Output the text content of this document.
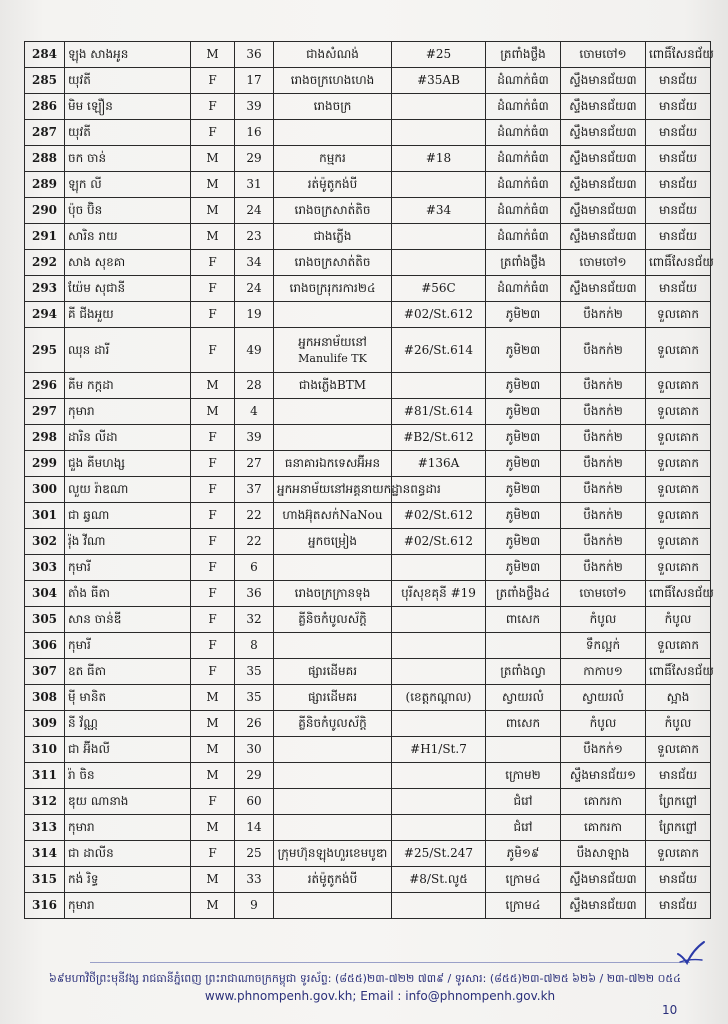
284	ឡុង សាងអូន	M	36	ជាងសំណង់	#25	ត្រពាំងថ្លឹង	ចោមចៅ១	ពោធិ៍សែនជ័យ
285	យុវតី	F	17	រោងចក្រហេងហេង	#35AB	ដំណាក់ធំ៣	ស្ទឹងមានជ័យ៣	មានជ័យ
286	មិម ឡឿន	F	39	រោងចក្រ		ដំណាក់ធំ៣	ស្ទឹងមានជ័យ៣	មានជ័យ
287	យុវតី	F	16			ដំណាក់ធំ៣	ស្ទឹងមានជ័យ៣	មានជ័យ
288	ចក ចាន់	M	29	កម្មករ	#18	ដំណាក់ធំ៣	ស្ទឹងមានជ័យ៣	មានជ័យ
289	ឡុក លី	M	31	រត់ម៉ូតូកង់បី		ដំណាក់ធំ៣	ស្ទឹងមានជ័យ៣	មានជ័យ
290	ប៉ុច ប៊ិន	M	24	រោងចក្រសាត់តិច	#34	ដំណាក់ធំ៣	ស្ទឹងមានជ័យ៣	មានជ័យ
291	សារិន រាយ	M	23	ជាងភ្លើង		ដំណាក់ធំ៣	ស្ទឹងមានជ័យ៣	មានជ័យ
292	សាង សុខគា	F	34	រោងចក្រសាត់តិច		ត្រពាំងថ្លឹង	ចោមចៅ១	ពោធិ៍សែនជ័យ
293	យ៉ែម សុជានី	F	24	រោងចក្ររុករការ២៤	#56C	ដំណាក់ធំ៣	ស្ទឹងមានជ័យ៣	មានជ័យ
294	គី ជីងអួយ	F	19		#02/St.612	ភូមិ២៣	បឹងកក់២	ទួលគោក
295	ឈុន ដារី	F	49	អ្នកអនាម័យនៅ
Manulife TK	#26/St.614	ភូមិ២៣	បឹងកក់២	ទួលគោក
296	គីម កក្កដា	M	28	ជាងភ្លើងBTM		ភូមិ២៣	បឹងកក់២	ទួលគោក
297	កុមារា	M	4		#81/St.614	ភូមិ២៣	បឹងកក់២	ទួលគោក
298	ដារិន លីដា	F	39		#B2/St.612	ភូមិ២៣	បឹងកក់២	ទួលគោក
299	ជួង គីមហង្ស	F	27	ធនាគារឯកទេសអ៊ីអន	#136A	ភូមិ២៣	បឹងកក់២	ទួលគោក
300	លួយ រ៉ាឌណា	F	37	អ្នកអនាម័យនៅអគ្គនាយកដ្ឋានពន្ធដារ		ភូមិ២៣	បឹងកក់២	ទួលគោក
301	ជា ឆ្វណា	F	22	ហាងអ៊ុតសក់NaNou	#02/St.612	ភូមិ២៣	បឹងកក់២	ទួលគោក
302	រ៉ុង វីណា	F	22	អ្នកចម្រៀង	#02/St.612	ភូមិ២៣	បឹងកក់២	ទួលគោក
303	កុមារី	F	6			ភូមិ២៣	បឹងកក់២	ទួលគោក
304	តាំង ធីតា	F	36	រោងចក្រក្រានទុង	បុរីសុខគុនី #19	ត្រពាំងថ្លឹង៤	ចោមចៅ១	ពោធិ៍សែនជ័យ
305	សាន ចាន់ឌី	F	32	គ្លីនិចកំបូលស័ក្តិ		ពាសេក	កំបូល	កំបូល
306	កុមារី	F	8				ទឹកល្អក់	ទួលគោក
307	ឧត ធីតា	F	35	ផ្សារដើមគរ		ត្រពាំងល្វា	កាកាប១	ពោធិ៍សែនជ័យ
308	ម៉ី មានិត	M	35	ផ្សារដើមគរ	(ខេត្តកណ្តាល)	ស្វាយរលំ	ស្វាយរលំ	ស្អាង
309	នី វ័ណ្ណ	M	26	គ្លីនិចកំបូលស័ក្តិ		ពាសេក	កំបូល	កំបូល
310	ជា អ៊ីងលី	M	30		#H1/St.7		បឹងកក់១	ទួលគោក
311	រ៉ា ចិន	M	29			ក្រោម២	ស្ទឹងមានជ័យ១	មានជ័យ
312	ឌុយ ណានាង	F	60			ជំរៅ	គោករកា	ព្រែកព្នៅ
313	កុមារា	M	14			ជំរៅ	គោករកា	ព្រែកព្នៅ
314	ជា ដាលីន	F	25	ក្រុមហ៊ុនឡុងហួរខេមបូឌា	#25/St.247	ភូមិ១៩	បឹងសាឡាង	ទួលគោក
315	កង់ រិទ្ធ	M	33	រត់ម៉ូតូកង់បី	#8/St.លូ៥	ក្រោម៤	ស្ទឹងមានជ័យ៣	មានជ័យ
316	កុមារា	M	9			ក្រោម៤	ស្ទឹងមានជ័យ៣	មានជ័យ
៦៩មហាវិថីព្រះមុនីវង្ស រាជធានីភ្នំពេញ ព្រះរាជាណាចក្រកម្ពុជា ទូរស័ព្ទ: (៨៥៥)២៣-៧២២ ៧៣៩ / ទូរសារ: (៨៥៥)២៣-៧២៥ ៦២៦ / ២៣-៧២២ ០៥៤
www.phnompenh.gov.kh; Email : info@phnompenh.gov.kh
10
